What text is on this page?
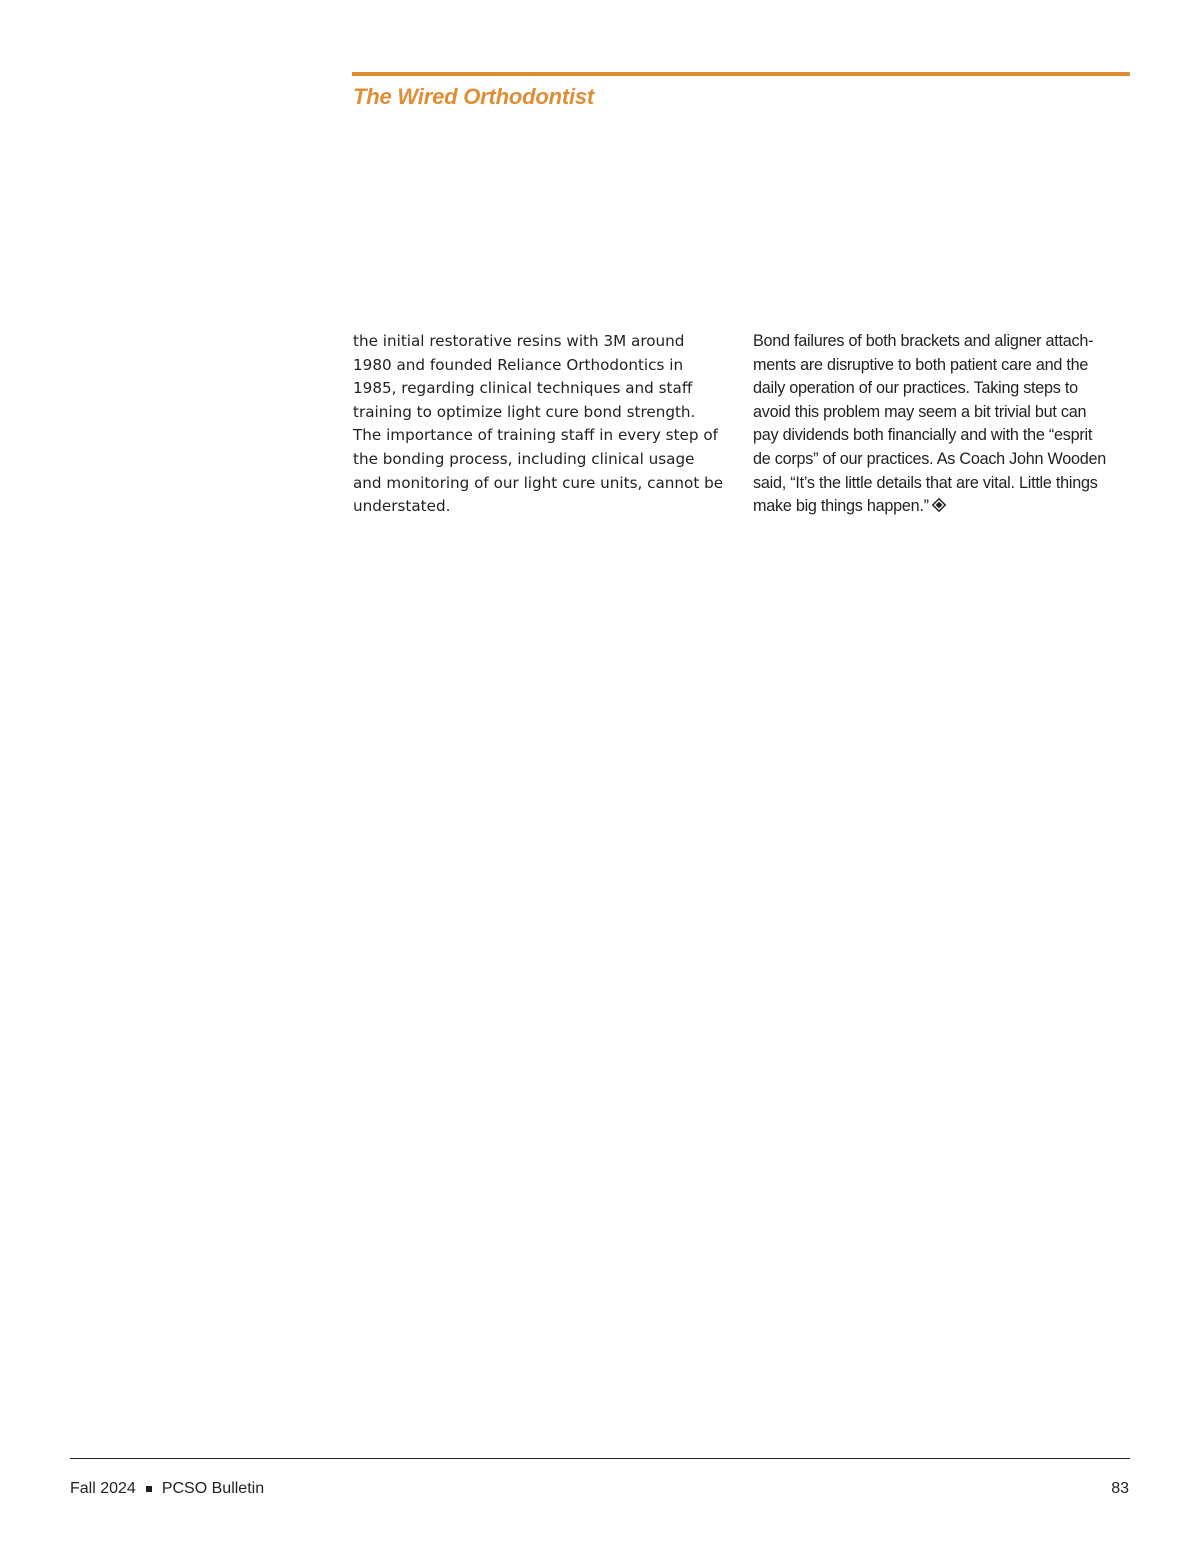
The Wired Orthodontist
the initial restorative resins with 3M around
1980 and founded Reliance Orthodontics in
1985, regarding clinical techniques and staff
training to optimize light cure bond strength.
The importance of training staff in every step of
the bonding process, including clinical usage
and monitoring of our light cure units, cannot be
understated.
Bond failures of both brackets and aligner attach-
ments are disruptive to both patient care and the
daily operation of our practices. Taking steps to
avoid this problem may seem a bit trivial but can
pay dividends both financially and with the “esprit
de corps” of our practices. As Coach John Wooden
said, “It’s the little details that are vital. Little things
make big things happen.”
Fall 2024 PCSO Bulletin	83
